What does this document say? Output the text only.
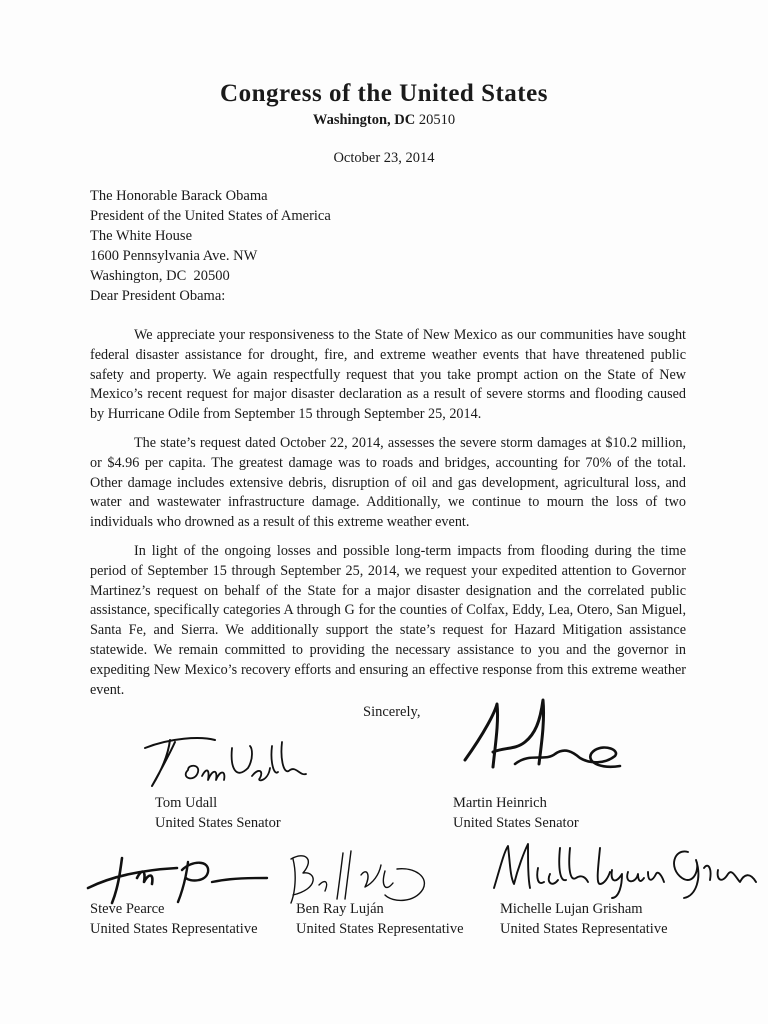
Congress of the United States
Washington, DC 20510
October 23, 2014
The Honorable Barack Obama
President of the United States of America
The White House
1600 Pennsylvania Ave. NW
Washington, DC  20500
Dear President Obama:

We appreciate your responsiveness to the State of New Mexico as our communities have sought federal disaster assistance for drought, fire, and extreme weather events that have threatened public safety and property. We again respectfully request that you take prompt action on the State of New Mexico’s recent request for major disaster declaration as a result of severe storms and flooding caused by Hurricane Odile from September 15 through September 25, 2014.

The state’s request dated October 22, 2014, assesses the severe storm damages at $10.2 million, or $4.96 per capita. The greatest damage was to roads and bridges, accounting for 70% of the total. Other damage includes extensive debris, disruption of oil and gas development, agricultural loss, and water and wastewater infrastructure damage. Additionally, we continue to mourn the loss of two individuals who drowned as a result of this extreme weather event.

In light of the ongoing losses and possible long-term impacts from flooding during the time period of September 15 through September 25, 2014, we request your expedited attention to Governor Martinez’s request on behalf of the State for a major disaster designation and the correlated public assistance, specifically categories A through G for the counties of Colfax, Eddy, Lea, Otero, San Miguel, Santa Fe, and Sierra. We additionally support the state’s request for Hazard Mitigation assistance statewide. We remain committed to providing the necessary assistance to you and the governor in expediting New Mexico’s recovery efforts and ensuring an effective response from this extreme weather event.

Sincerely,
Tom Udall
United States Senator
Martin Heinrich
United States Senator
Steve Pearce
United States Representative
Ben Ray Luján
United States Representative
Michelle Lujan Grisham
United States Representative
